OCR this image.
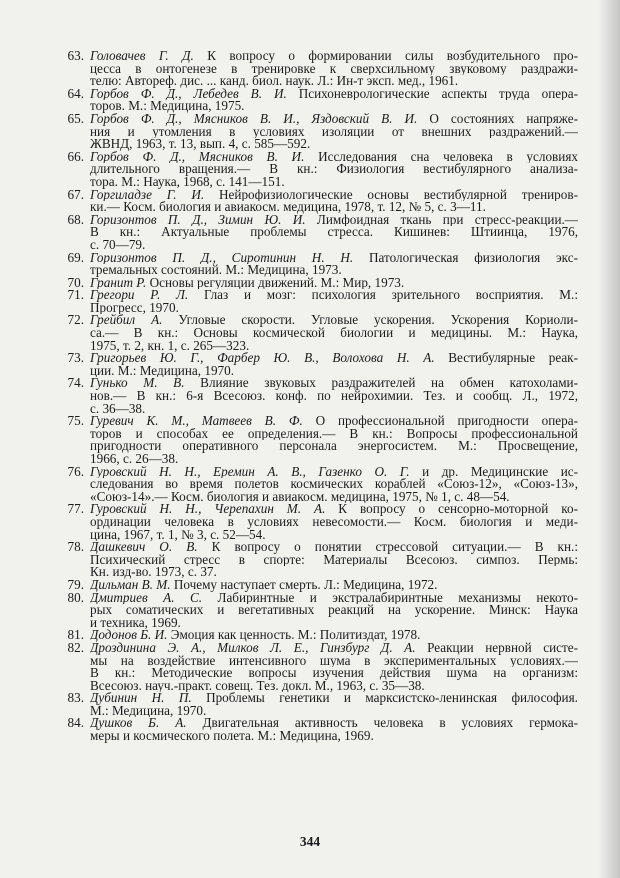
63. Головачев Г. Д. К вопросу о формировании силы возбудительного про-
цесса в онтогенезе в тренировке к сверхсильному звуковому раздражи-
телю: Автореф. дис. ... канд. биол. наук. Л.: Ин-т эксп. мед., 1961.
64. Горбов Ф. Д., Лебедев В. И. Психоневрологические аспекты труда опера-
торов. М.: Медицина, 1975.
65. Горбов Ф. Д., Мясников В. И., Яздовский В. И. О состояниях напряже-
ния и утомления в условиях изоляции от внешних раздражений.—
ЖВНД, 1963, т. 13, вып. 4, с. 585—592.
66. Горбов Ф. Д., Мясников В. И. Исследования сна человека в условиях
длительного вращения.— В кн.: Физиология вестибулярного анализа-
тора. М.: Наука, 1968, с. 141—151.
67. Горгиладзе Г. И. Нейрофизиологические основы вестибулярной трениров-
ки.— Косм. биология и авиакосм. медицина, 1978, т. 12, № 5, с. 3—11.
68. Горизонтов П. Д., Зимин Ю. И. Лимфоидная ткань при стресс-реакции.—
В кн.: Актуальные проблемы стресса. Кишинев: Штиинца, 1976,
с. 70—79.
69. Горизонтов П. Д., Сиротинин Н. Н. Патологическая физиология экс-
тремальных состояний. М.: Медицина, 1973.
70. Гранит Р. Основы регуляции движений. М.: Мир, 1973.
71. Грегори Р. Л. Глаз и мозг: психология зрительного восприятия. М.:
Прогресс, 1970.
72. Грейбил А. Угловые скорости. Угловые ускорения. Ускорения Кориоли-
са.— В кн.: Основы космической биологии и медицины. М.: Наука,
1975, т. 2, кн. 1, с. 265—323.
73. Григорьев Ю. Г., Фарбер Ю. В., Волохова Н. А. Вестибулярные реак-
ции. М.: Медицина, 1970.
74. Гунько М. В. Влияние звуковых раздражителей на обмен катохолами-
нов.— В кн.: 6-я Всесоюз. конф. по нейрохимии. Тез. и сообщ. Л., 1972,
с. 36—38.
75. Гуревич К. М., Матвеев В. Ф. О профессиональной пригодности опера-
торов и способах ее определения.— В кн.: Вопросы профессиональной
пригодности оперативного персонала энергосистем. М.: Просвещение,
1966, с. 26—38.
76. Гуровский Н. Н., Еремин А. В., Газенко О. Г. и др. Медицинские ис-
следования во время полетов космических кораблей «Союз-12», «Союз-13»,
«Союз-14».— Косм. биология и авиакосм. медицина, 1975, № 1, с. 48—54.
77. Гуровский Н. Н., Черепахин М. А. К вопросу о сенсорно-моторной ко-
ординации человека в условиях невесомости.— Косм. биология и меди-
цина, 1967, т. 1, № 3, с. 52—54.
78. Дашкевич О. В. К вопросу о понятии стрессовой ситуации.— В кн.:
Психический стресс в спорте: Материалы Всесоюз. симпоз. Пермь:
Кн. изд-во. 1973, с. 37.
79. Дильман В. М. Почему наступает смерть. Л.: Медицина, 1972.
80. Дмитриев А. С. Лабиринтные и экстралабиринтные механизмы некото-
рых соматических и вегетативных реакций на ускорение. Минск: Наука
и техника, 1969.
81. Додонов Б. И. Эмоция как ценность. М.: Политиздат, 1978.
82. Дроздинина Э. А., Милков Л. Е., Гинзбург Д. А. Реакции нервной систе-
мы на воздействие интенсивного шума в экспериментальных условиях.—
В кн.: Методические вопросы изучения действия шума на организм:
Всесоюз. науч.-практ. совещ. Тез. докл. М., 1963, с. 35—38.
83. Дубинин Н. П. Проблемы генетики и марксистско-ленинская философия.
М.: Медицина, 1970.
84. Душков Б. А. Двигательная активность человека в условиях гермока-
меры и космического полета. М.: Медицина, 1969.
344
